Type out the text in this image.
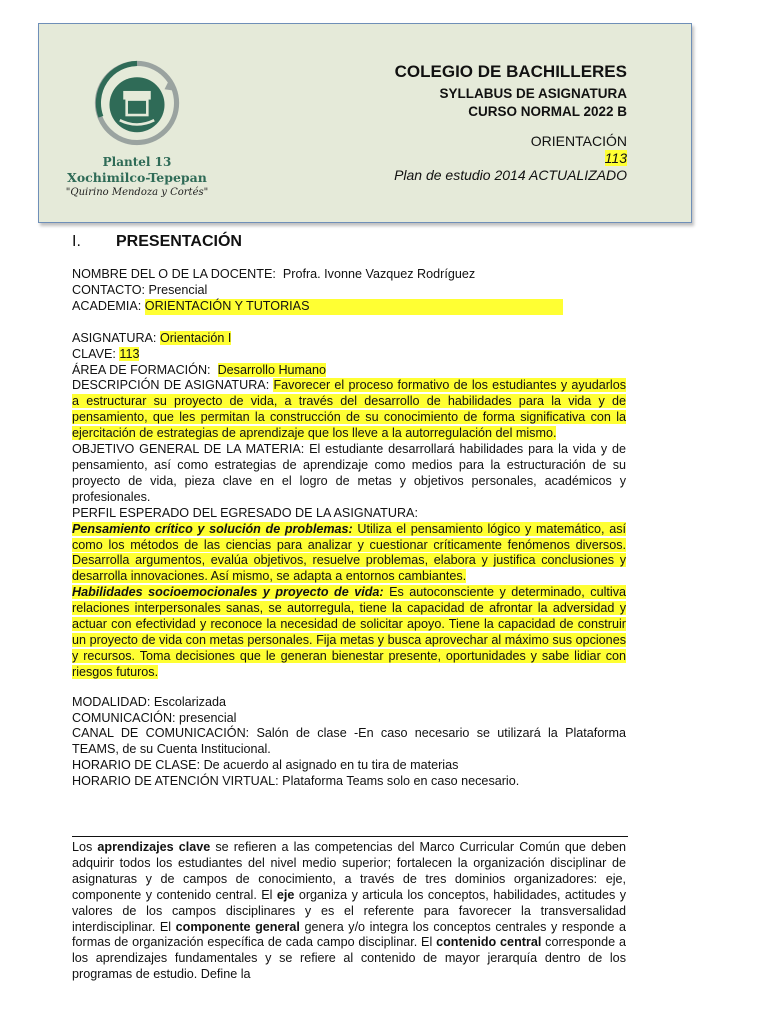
Plantel 13
Xochimilco-Tepepan
"Quirino Mendoza y Cortés"
COLEGIO DE BACHILLERES
SYLLABUS DE ASIGNATURA
CURSO NORMAL 2022 B
ORIENTACIÓN
113
Plan de estudio 2014 ACTUALIZADO
I. PRESENTACIÓN

NOMBRE DEL O DE LA DOCENTE: Profra. Ivonne Vazquez Rodríguez

CONTACTO: Presencial

ACADEMIA: ORIENTACIÓN Y TUTORIAS

ASIGNATURA: Orientación I

CLAVE: 113

ÁREA DE FORMACIÓN: Desarrollo Humano

DESCRIPCIÓN DE ASIGNATURA: Favorecer el proceso formativo de los estudiantes y ayudarlos a estructurar su proyecto de vida, a través del desarrollo de habilidades para la vida y de pensamiento, que les permitan la construcción de su conocimiento de forma significativa con la ejercitación de estrategias de aprendizaje que los lleve a la autorregulación del mismo.

OBJETIVO GENERAL DE LA MATERIA: El estudiante desarrollará habilidades para la vida y de pensamiento, así como estrategias de aprendizaje como medios para la estructuración de su proyecto de vida, pieza clave en el logro de metas y objetivos personales, académicos y profesionales.

PERFIL ESPERADO DEL EGRESADO DE LA ASIGNATURA:

Pensamiento crítico y solución de problemas: Utiliza el pensamiento lógico y matemático, así como los métodos de las ciencias para analizar y cuestionar críticamente fenómenos diversos. Desarrolla argumentos, evalúa objetivos, resuelve problemas, elabora y justifica conclusiones y desarrolla innovaciones. Así mismo, se adapta a entornos cambiantes.

Habilidades socioemocionales y proyecto de vida: Es autoconsciente y determinado, cultiva relaciones interpersonales sanas, se autorregula, tiene la capacidad de afrontar la adversidad y actuar con efectividad y reconoce la necesidad de solicitar apoyo. Tiene la capacidad de construir un proyecto de vida con metas personales. Fija metas y busca aprovechar al máximo sus opciones y recursos. Toma decisiones que le generan bienestar presente, oportunidades y sabe lidiar con riesgos futuros.

MODALIDAD: Escolarizada

COMUNICACIÓN: presencial

CANAL DE COMUNICACIÓN: Salón de clase -En caso necesario se utilizará la Plataforma TEAMS, de su Cuenta Institucional.

HORARIO DE CLASE: De acuerdo al asignado en tu tira de materias

HORARIO DE ATENCIÓN VIRTUAL: Plataforma Teams solo en caso necesario.

Los aprendizajes clave se refieren a las competencias del Marco Curricular Común que deben adquirir todos los estudiantes del nivel medio superior; fortalecen la organización disciplinar de asignaturas y de campos de conocimiento, a través de tres dominios organizadores: eje, componente y contenido central. El eje organiza y articula los conceptos, habilidades, actitudes y valores de los campos disciplinares y es el referente para favorecer la transversalidad interdisciplinar. El componente general genera y/o integra los conceptos centrales y responde a formas de organización específica de cada campo disciplinar. El contenido central corresponde a los aprendizajes fundamentales y se refiere al contenido de mayor jerarquía dentro de los programas de estudio. Define la
